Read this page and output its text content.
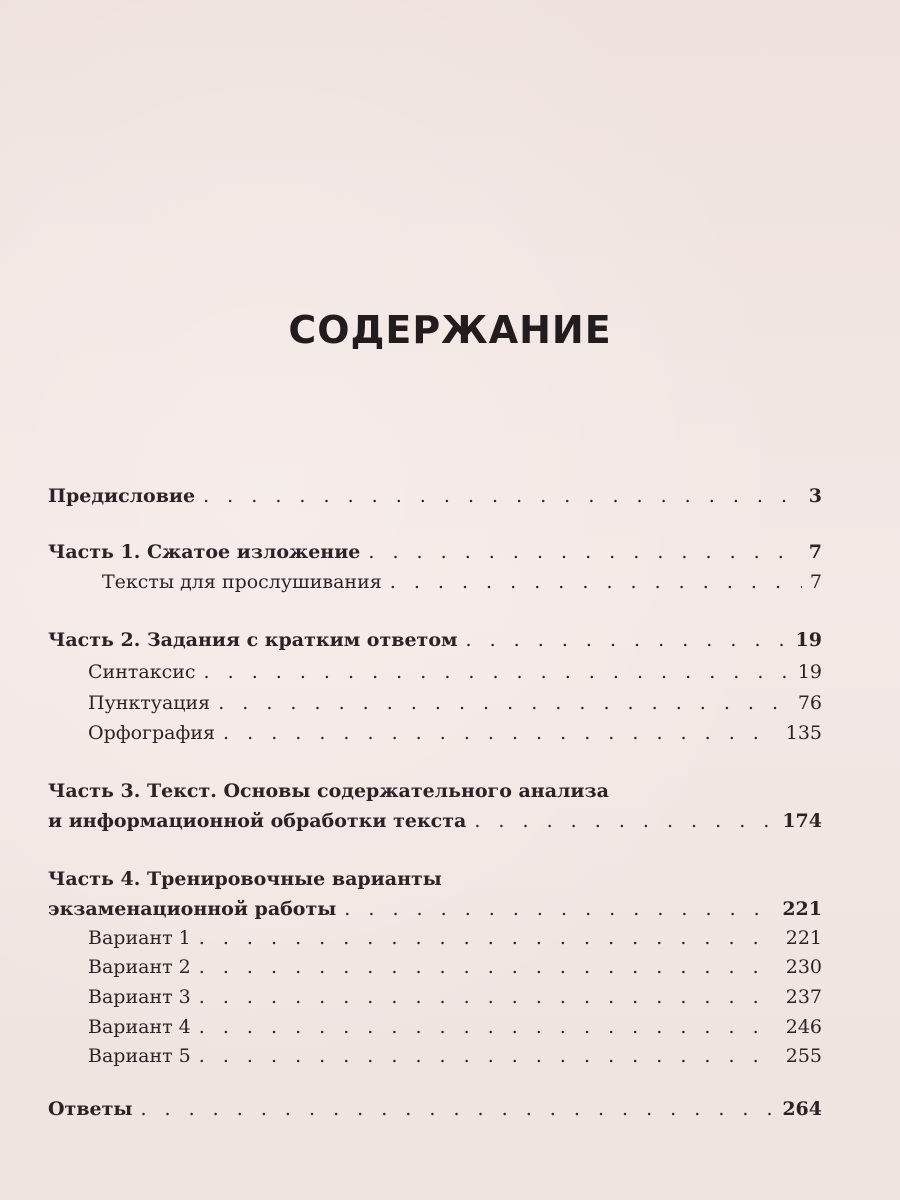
СОДЕРЖАНИЕ
Предисловие . . .	3
Часть 1. Сжатое изложение . . .	7
Тексты для прослушивания . . .	7
Часть 2. Задания с кратким ответом . . .	19
Синтаксис . . .	19
Пунктуация . . .	76
Орфография . . .	135
Часть 3. Текст. Основы содержательного анализа
и информационной обработки текста . . .	174
Часть 4. Тренировочные варианты
экзаменационной работы . . .	221
Вариант 1 . . .	221
Вариант 2 . . .	230
Вариант 3 . . .	237
Вариант 4 . . .	246
Вариант 5 . . .	255
Ответы . . .	264
